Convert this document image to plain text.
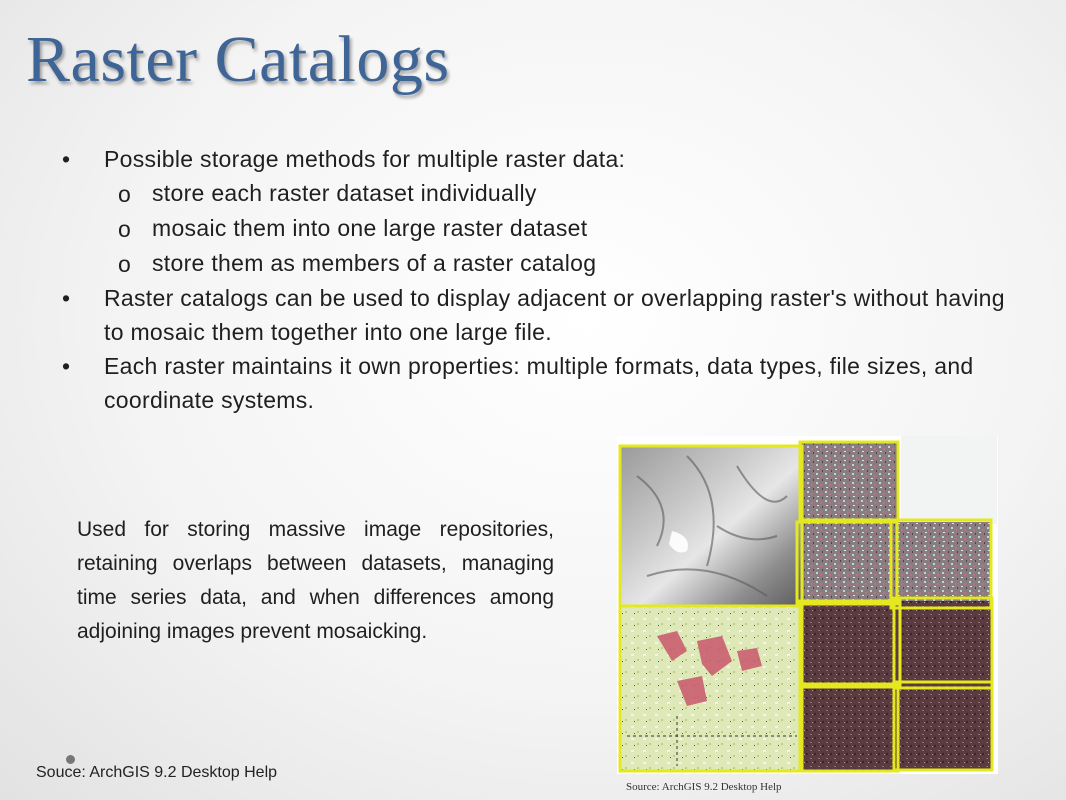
Raster Catalogs
• Possible storage methods for multiple raster data:
o store each raster dataset individually
o mosaic them into one large raster dataset
o store them as members of a raster catalog
• Raster catalogs can be used to display adjacent or overlapping raster's without having to mosaic them together into one large file.
• Each raster maintains it own properties: multiple formats, data types, file sizes, and coordinate systems.

Used for storing massive image repositories, retaining overlaps between datasets, managing time series data, and when differences among adjoining images prevent mosaicking.

Souce: ArchGIS 9.2 Desktop Help
Source: ArchGIS 9.2 Desktop Help
